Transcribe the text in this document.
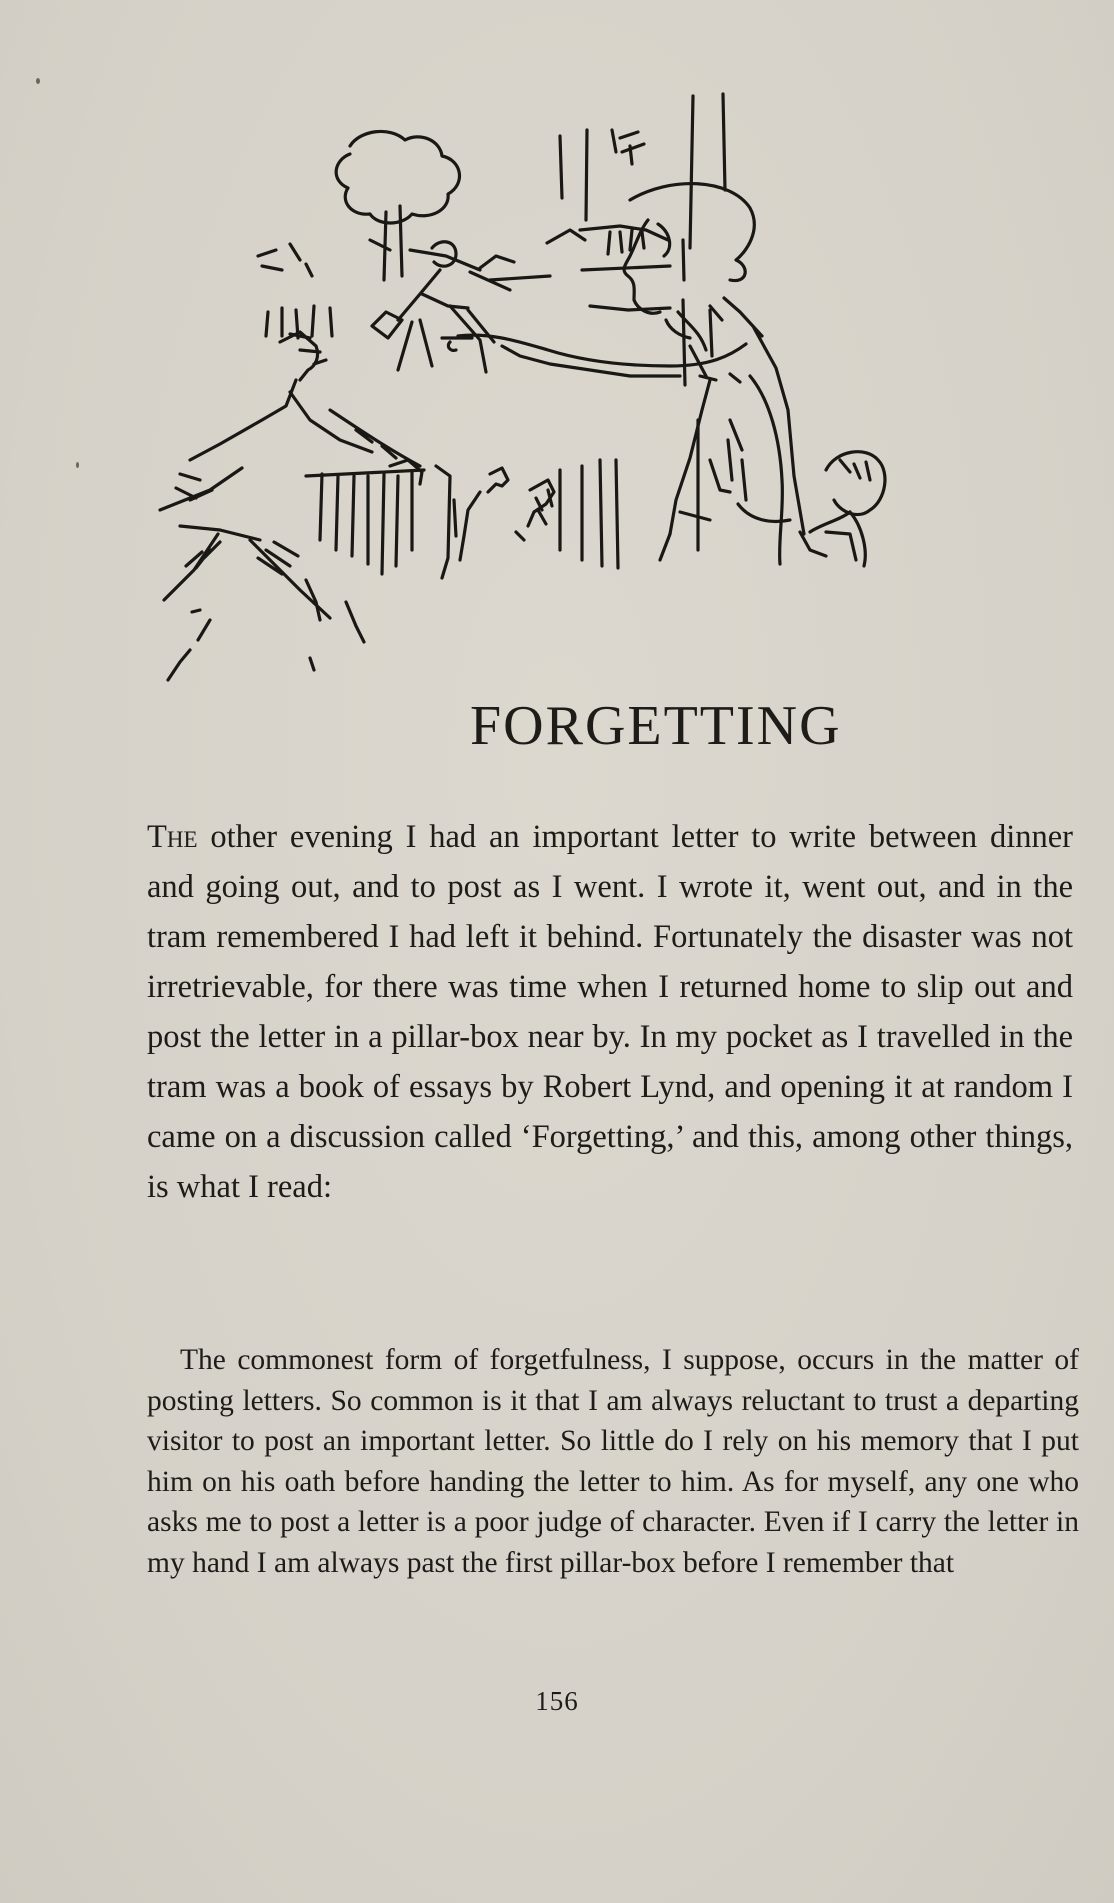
FORGETTING

The other evening I had an important letter to write between dinner and going out, and to post as I went. I wrote it, went out, and in the tram remembered I had left it behind. Fortunately the disaster was not irretrievable, for there was time when I returned home to slip out and post the letter in a pillar-box near by. In my pocket as I travelled in the tram was a book of essays by Robert Lynd, and opening it at random I came on a discussion called ‘Forgetting,’ and this, among other things, is what I read:

The commonest form of forgetfulness, I suppose, occurs in the matter of posting letters. So common is it that I am always reluctant to trust a departing visitor to post an important letter. So little do I rely on his memory that I put him on his oath before handing the letter to him. As for myself, any one who asks me to post a letter is a poor judge of character. Even if I carry the letter in my hand I am always past the first pillar-box before I remember that

156
